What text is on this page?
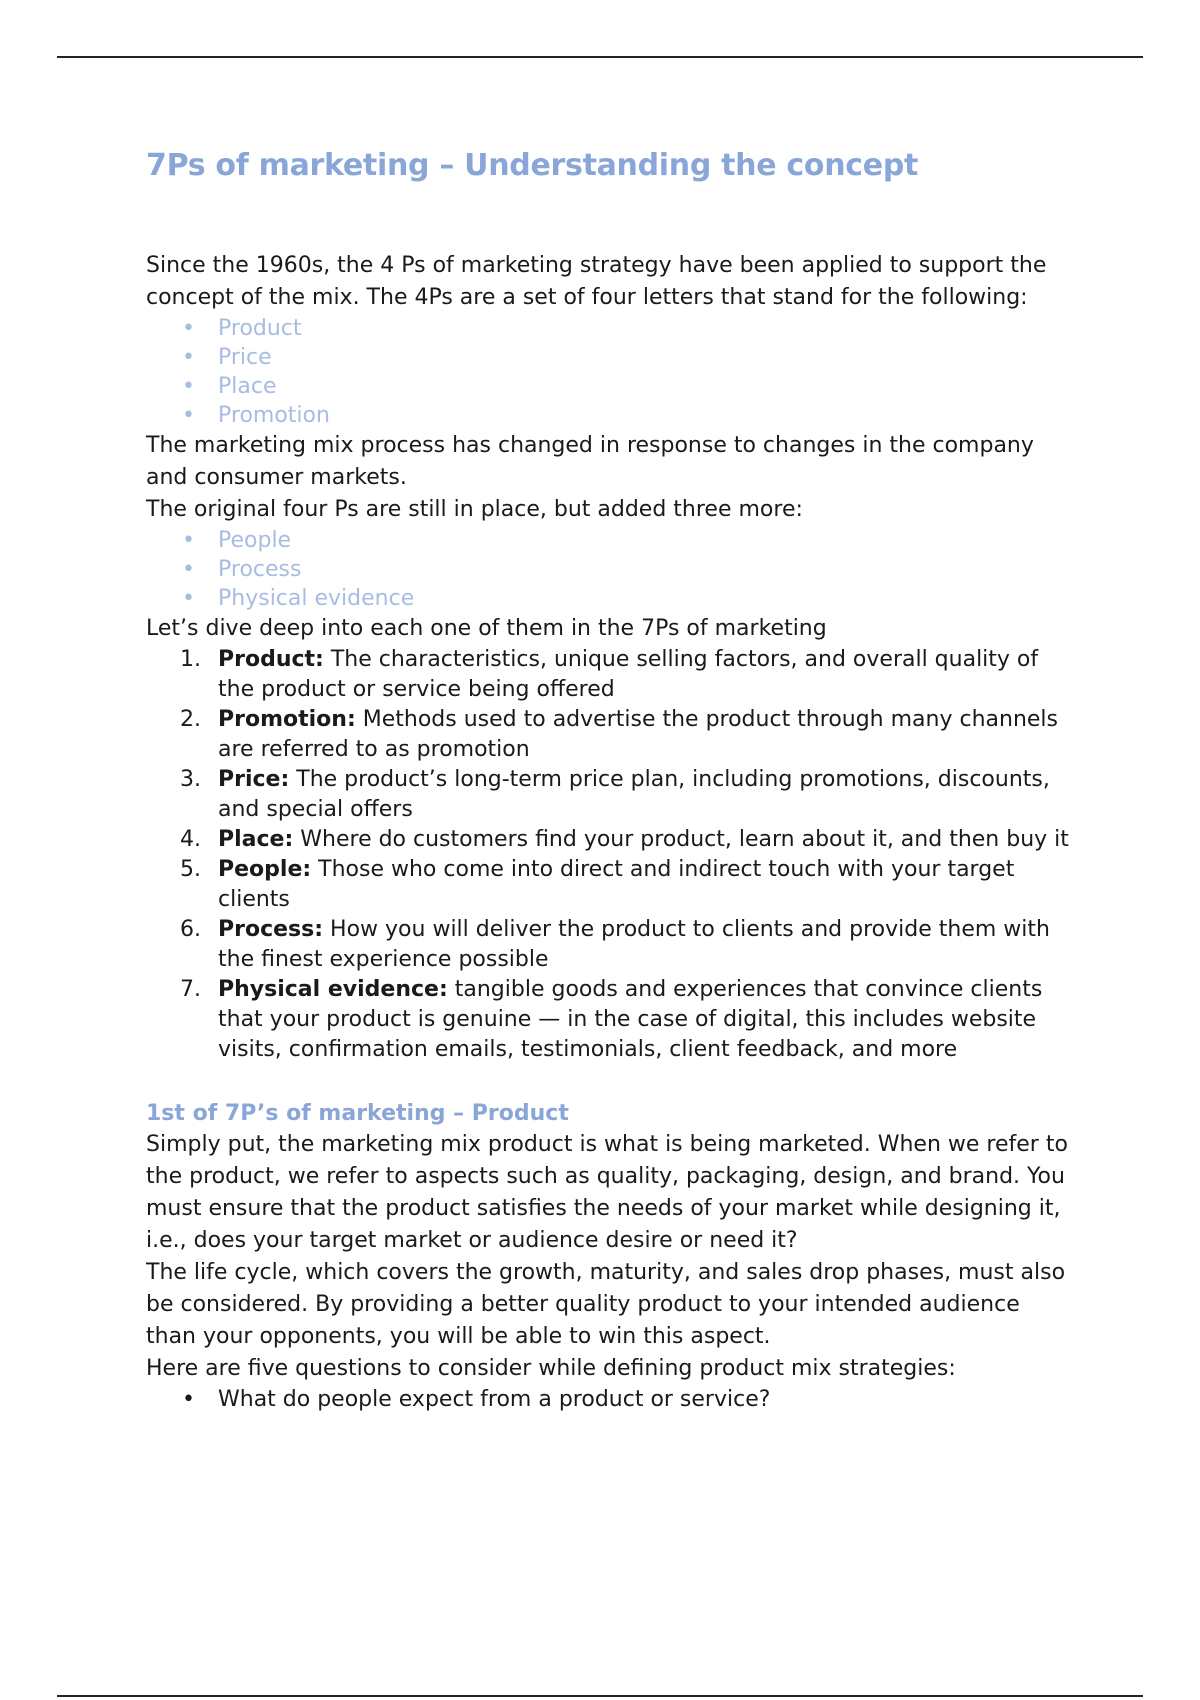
7Ps of marketing – Understanding the concept

Since the 1960s, the 4 Ps of marketing strategy have been applied to support the concept of the mix. The 4Ps are a set of four letters that stand for the following:

• Product
• Price
• Place
• Promotion

The marketing mix process has changed in response to changes in the company and consumer markets.

The original four Ps are still in place, but added three more:

• People
• Process
• Physical evidence

Let’s dive deep into each one of them in the 7Ps of marketing

1. Product: The characteristics, unique selling factors, and overall quality of the product or service being offered
2. Promotion: Methods used to advertise the product through many channels are referred to as promotion
3. Price: The product’s long-term price plan, including promotions, discounts, and special offers
4. Place: Where do customers find your product, learn about it, and then buy it
5. People: Those who come into direct and indirect touch with your target clients
6. Process: How you will deliver the product to clients and provide them with the finest experience possible
7. Physical evidence: tangible goods and experiences that convince clients that your product is genuine — in the case of digital, this includes website visits, confirmation emails, testimonials, client feedback, and more
1st of 7P’s of marketing – Product

Simply put, the marketing mix product is what is being marketed. When we refer to the product, we refer to aspects such as quality, packaging, design, and brand. You must ensure that the product satisfies the needs of your market while designing it, i.e., does your target market or audience desire or need it?

The life cycle, which covers the growth, maturity, and sales drop phases, must also be considered. By providing a better quality product to your intended audience than your opponents, you will be able to win this aspect.

Here are five questions to consider while defining product mix strategies:

• What do people expect from a product or service?
